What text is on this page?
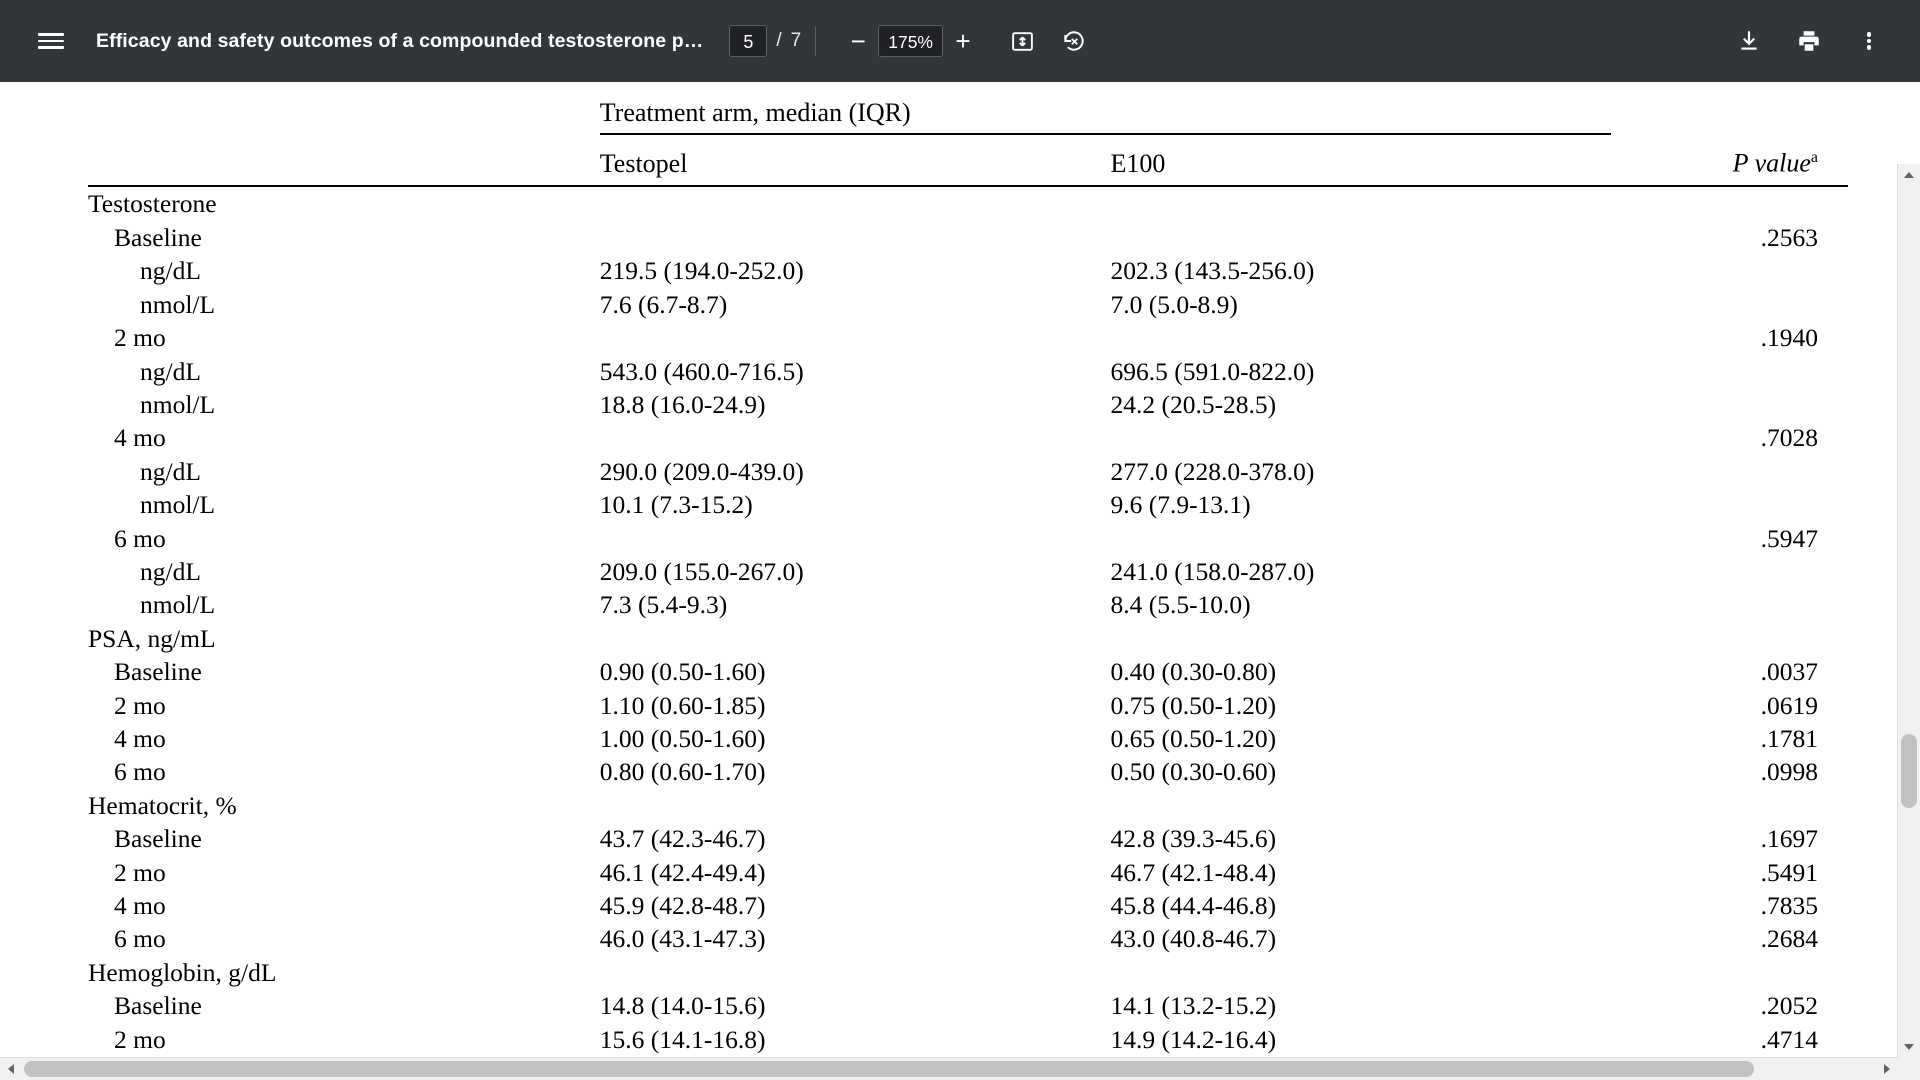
Efficacy and safety outcomes of a compounded testosterone p…	5	/ 7	−	175% +

	Treatment arm, median (IQR)		
	Testopel	E100	P value$^a$

Testosterone			
Baseline			.2563
ng/dL	219.5 (194.0-252.0)	202.3 (143.5-256.0)	
nmol/L	7.6 (6.7-8.7)	7.0 (5.0-8.9)	
2 mo			.1940
ng/dL	543.0 (460.0-716.5)	696.5 (591.0-822.0)	
nmol/L	18.8 (16.0-24.9)	24.2 (20.5-28.5)	
4 mo			.7028
ng/dL	290.0 (209.0-439.0)	277.0 (228.0-378.0)	
nmol/L	10.1 (7.3-15.2)	9.6 (7.9-13.1)	
6 mo			.5947
ng/dL	209.0 (155.0-267.0)	241.0 (158.0-287.0)	
nmol/L	7.3 (5.4-9.3)	8.4 (5.5-10.0)	
PSA, ng/mL			
Baseline	0.90 (0.50-1.60)	0.40 (0.30-0.80)	.0037
2 mo	1.10 (0.60-1.85)	0.75 (0.50-1.20)	.0619
4 mo	1.00 (0.50-1.60)	0.65 (0.50-1.20)	.1781
6 mo	0.80 (0.60-1.70)	0.50 (0.30-0.60)	.0998
Hematocrit, %			
Baseline	43.7 (42.3-46.7)	42.8 (39.3-45.6)	.1697
2 mo	46.1 (42.4-49.4)	46.7 (42.1-48.4)	.5491
4 mo	45.9 (42.8-48.7)	45.8 (44.4-46.8)	.7835
6 mo	46.0 (43.1-47.3)	43.0 (40.8-46.7)	.2684
Hemoglobin, g/dL			
Baseline	14.8 (14.0-15.6)	14.1 (13.2-15.2)	.2052
2 mo	15.6 (14.1-16.8)	14.9 (14.2-16.4)	.4714
